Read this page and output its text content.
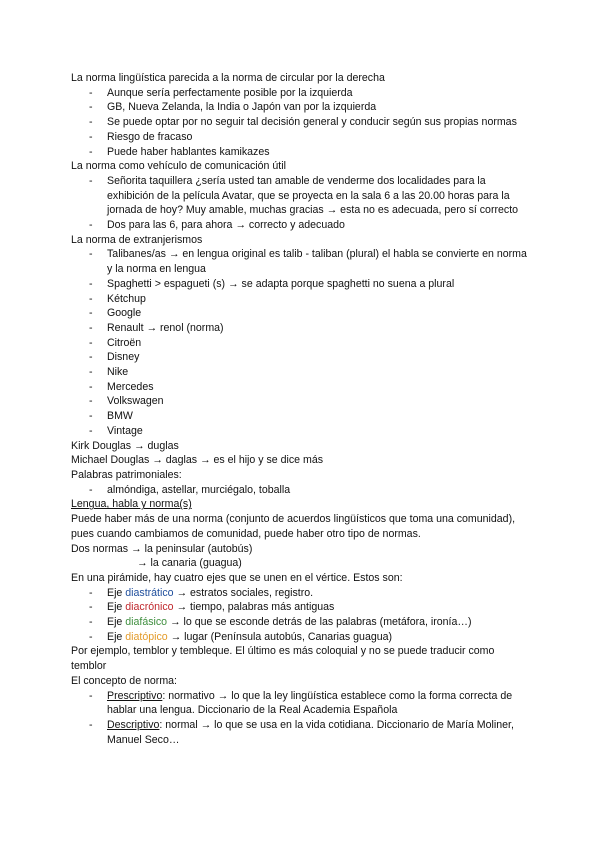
La norma lingüística parecida a la norma de circular por la derecha

- Aunque sería perfectamente posible por la izquierda

- GB, Nueva Zelanda, la India o Japón van por la izquierda

- Se puede optar por no seguir tal decisión general y conducir según sus propias normas

- Riesgo de fracaso

- Puede haber hablantes kamikazes

La norma como vehículo de comunicación útil

- Señorita taquillera ¿sería usted tan amable de venderme dos localidades para la exhibición de la película Avatar, que se proyecta en la sala 6 a las 20.00 horas para la jornada de hoy? Muy amable, muchas gracias → esta no es adecuada, pero sí correcto

- Dos para las 6, para ahora → correcto y adecuado

La norma de extranjerismos

- Talibanes/as → en lengua original es talib - taliban (plural) el habla se convierte en norma y la norma en lengua

- Spaghetti > espagueti (s) → se adapta porque spaghetti no suena a plural

- Kétchup

- Google

- Renault → renol (norma)

- Citroën

- Disney

- Nike

- Mercedes

- Volkswagen

- BMW

- Vintage

Kirk Douglas → duglas

Michael Douglas → daglas → es el hijo y se dice más

Palabras patrimoniales:

- almóndiga, astellar, murciégalo, toballa

Lengua, habla y norma(s)

Puede haber más de una norma (conjunto de acuerdos lingüísticos que toma una comunidad), pues cuando cambiamos de comunidad, puede haber otro tipo de normas.

Dos normas → la peninsular (autobús)

→ la canaria (guagua)

En una pirámide, hay cuatro ejes que se unen en el vértice. Estos son:

- Eje diastrático → estratos sociales, registro.

- Eje diacrónico → tiempo, palabras más antiguas

- Eje diafásico → lo que se esconde detrás de las palabras (metáfora, ironía…)

- Eje diatópico → lugar (Península autobús, Canarias guagua)

Por ejemplo, temblor y tembleque. El último es más coloquial y no se puede traducir como temblor

El concepto de norma:

- Prescriptivo: normativo → lo que la ley lingüística establece como la forma correcta de hablar una lengua. Diccionario de la Real Academia Española

- Descriptivo: normal → lo que se usa en la vida cotidiana. Diccionario de María Moliner, Manuel Seco…
